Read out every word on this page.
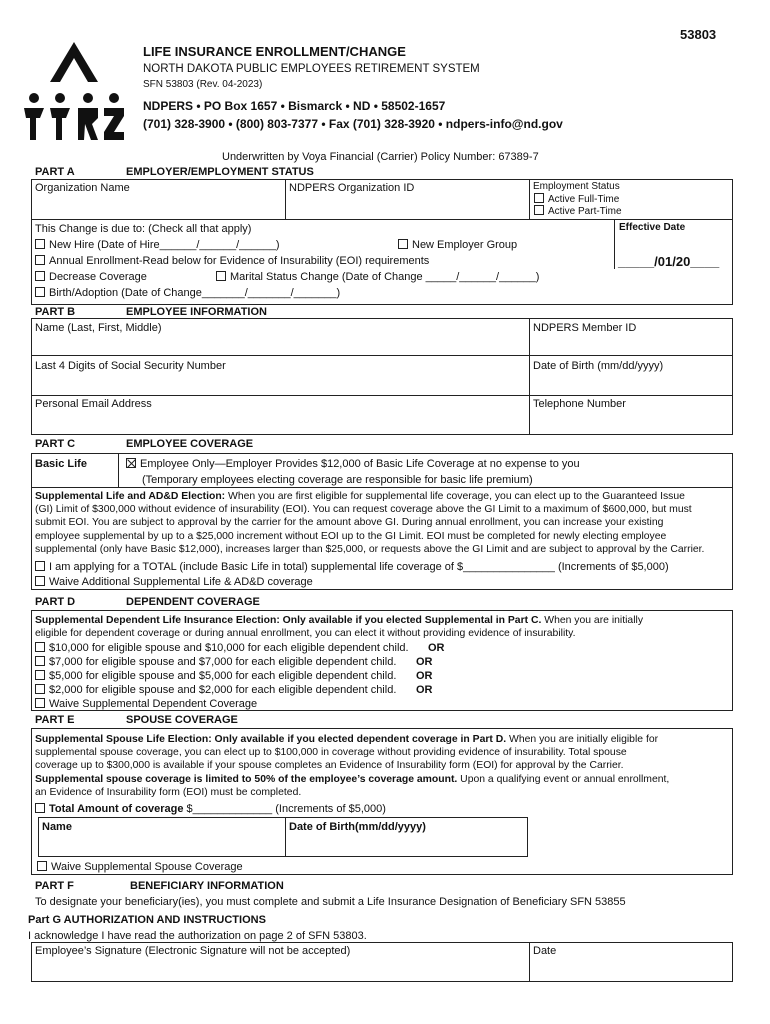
53803
LIFE INSURANCE ENROLLMENT/CHANGE
NORTH DAKOTA PUBLIC EMPLOYEES RETIREMENT SYSTEM
SFN 53803 (Rev. 04-2023)
NDPERS • PO Box 1657 • Bismarck • ND • 58502-1657
(701) 328-3900 • (800) 803-7377 • Fax (701) 328-3920 • ndpers-info@nd.gov
Underwritten by Voya Financial (Carrier) Policy Number: 67389-7
PART A	EMPLOYER/EMPLOYMENT STATUS
Organization Name	NDPERS Organization ID	Employment Status
Active Full-Time
Active Part-Time
This Change is due to: (Check all that apply)
New Hire (Date of Hire______/______/______)	New Employer Group
Annual Enrollment-Read below for Evidence of Insurability (EOI) requirements
Decrease Coverage	Marital Status Change (Date of Change _____/______/______)
Birth/Adoption (Date of Change_______/_______/_______)
Effective Date
_____/01/20____
PART B	EMPLOYEE INFORMATION
Name (Last, First, Middle)	NDPERS Member ID
Last 4 Digits of Social Security Number	Date of Birth (mm/dd/yyyy)
Personal Email Address	Telephone Number
PART C	EMPLOYEE COVERAGE
Basic Life	Employee Only—Employer Provides $12,000 of Basic Life Coverage at no expense to you
(Temporary employees electing coverage are responsible for basic life premium)
Supplemental Life and AD&D Election: When you are first eligible for supplemental life coverage, you can elect up to the Guaranteed Issue
(GI) Limit of $300,000 without evidence of insurability (EOI). You can request coverage above the GI Limit to a maximum of $600,000, but must
submit EOI. You are subject to approval by the carrier for the amount above GI. During annual enrollment, you can increase your existing
employee supplemental by up to a $25,000 increment without EOI up to the GI Limit. EOI must be completed for newly electing employee
supplemental (only have Basic $12,000), increases larger than $25,000, or requests above the GI Limit and are subject to approval by the Carrier.
I am applying for a TOTAL (include Basic Life in total) supplemental life coverage of $_______________ (Increments of $5,000)
Waive Additional Supplemental Life & AD&D coverage
PART D	DEPENDENT COVERAGE
Supplemental Dependent Life Insurance Election: Only available if you elected Supplemental in Part C. When you are initially
eligible for dependent coverage or during annual enrollment, you can elect it without providing evidence of insurability.
$10,000 for eligible spouse and $10,000 for each eligible dependent child. OR
$7,000 for eligible spouse and $7,000 for each eligible dependent child. OR
$5,000 for eligible spouse and $5,000 for each eligible dependent child. OR
$2,000 for eligible spouse and $2,000 for each eligible dependent child. OR
Waive Supplemental Dependent Coverage
PART E	SPOUSE COVERAGE
Supplemental Spouse Life Election: Only available if you elected dependent coverage in Part D. When you are initially eligible for
supplemental spouse coverage, you can elect up to $100,000 in coverage without providing evidence of insurability. Total spouse
coverage up to $300,000 is available if your spouse completes an Evidence of Insurability form (EOI) for approval by the Carrier.
Supplemental spouse coverage is limited to 50% of the employee’s coverage amount. Upon a qualifying event or annual enrollment,
an Evidence of Insurability form (EOI) must be completed.
Total Amount of coverage $_____________ (Increments of $5,000)
Name	Date of Birth(mm/dd/yyyy)
Waive Supplemental Spouse Coverage
PART F	BENEFICIARY INFORMATION
To designate your beneficiary(ies), you must complete and submit a Life Insurance Designation of Beneficiary SFN 53855
Part G AUTHORIZATION AND INSTRUCTIONS
I acknowledge I have read the authorization on page 2 of SFN 53803.
Employee’s Signature (Electronic Signature will not be accepted)	Date
